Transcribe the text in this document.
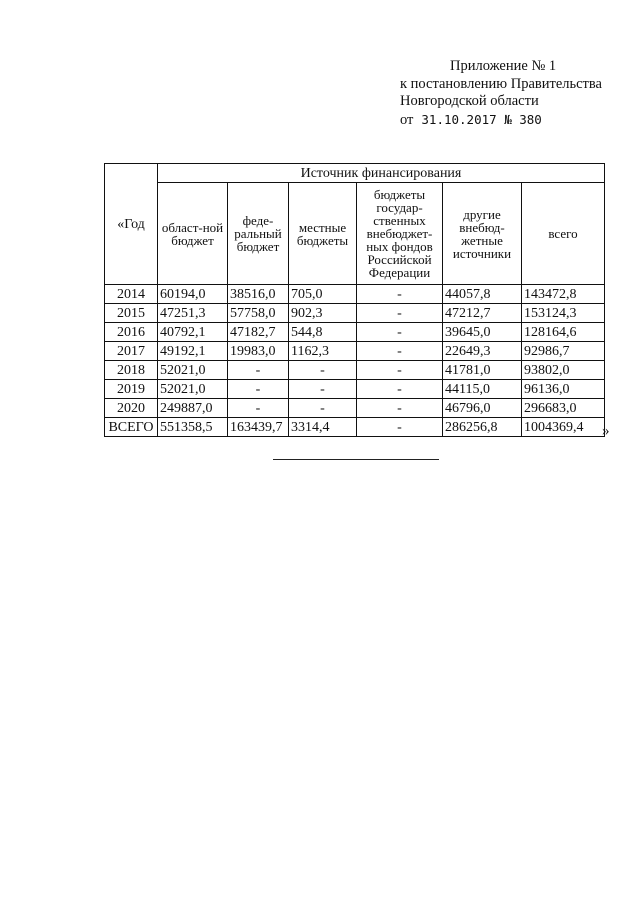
Приложение № 1
к постановлению Правительства
Новгородской области
от 31.10.2017 № 380
«Год	Источник финансирования					
	област-ной бюджет	феде-ральный бюджет	местные бюджеты	бюджеты государ-ственных внебюджет-ных фондов Российской Федерации	другие внебюд-жетные источники	всего
2014	60194,0	38516,0	705,0	-	44057,8	143472,8
2015	47251,3	57758,0	902,3	-	47212,7	153124,3
2016	40792,1	47182,7	544,8	-	39645,0	128164,6
2017	49192,1	19983,0	1162,3	-	22649,3	92986,7
2018	52021,0	-	-	-	41781,0	93802,0
2019	52021,0	-	-	-	44115,0	96136,0
2020	249887,0	-	-	-	46796,0	296683,0
ВСЕГО	551358,5	163439,7	3314,4	-	286256,8	1004369,4 »
